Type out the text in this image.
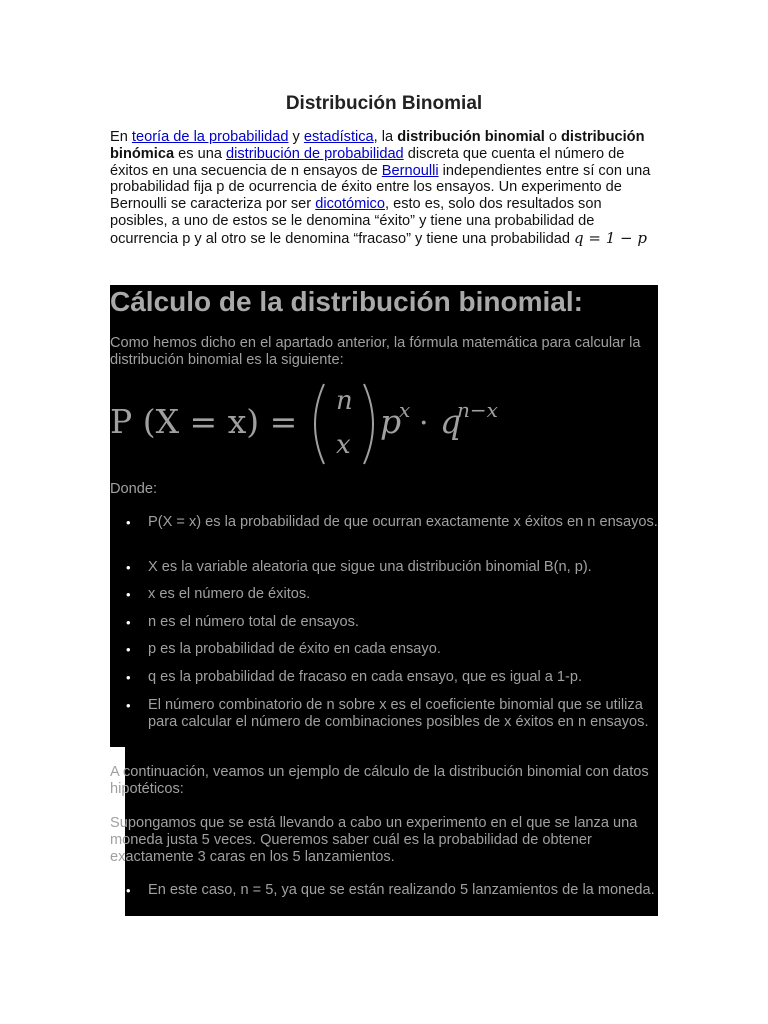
Distribución Binomial
En teoría de la probabilidad y estadística, la distribución binomial o distribución binómica es una distribución de probabilidad discreta que cuenta el número de éxitos en una secuencia de n ensayos de Bernoulli independientes entre sí con una probabilidad fija p de ocurrencia de éxito entre los ensayos. Un experimento de Bernoulli se caracteriza por ser dicotómico, esto es, solo dos resultados son posibles, a uno de estos se le denomina “éxito” y tiene una probabilidad de ocurrencia p y al otro se le denomina “fracaso” y tiene una probabilidad q = 1 − p
Cálculo de la distribución binomial:
Como hemos dicho en el apartado anterior, la fórmula matemática para calcular la distribución binomial es la siguiente:
P (X = x) =
n
x
p
x · q
n−x
Donde:
• P(X = x) es la probabilidad de que ocurran exactamente x éxitos en n ensayos.
• X es la variable aleatoria que sigue una distribución binomial B(n, p).
• x es el número de éxitos.
• n es el número total de ensayos.
• p es la probabilidad de éxito en cada ensayo.
• q es la probabilidad de fracaso en cada ensayo, que es igual a 1-p.
• El número combinatorio de n sobre x es el coeficiente binomial que se utiliza para calcular el número de combinaciones posibles de x éxitos en n ensayos.
A continuación, veamos un ejemplo de cálculo de la distribución binomial con datos hipotéticos:
Supongamos que se está llevando a cabo un experimento en el que se lanza una moneda justa 5 veces. Queremos saber cuál es la probabilidad de obtener exactamente 3 caras en los 5 lanzamientos.
• En este caso, n = 5, ya que se están realizando 5 lanzamientos de la moneda.
